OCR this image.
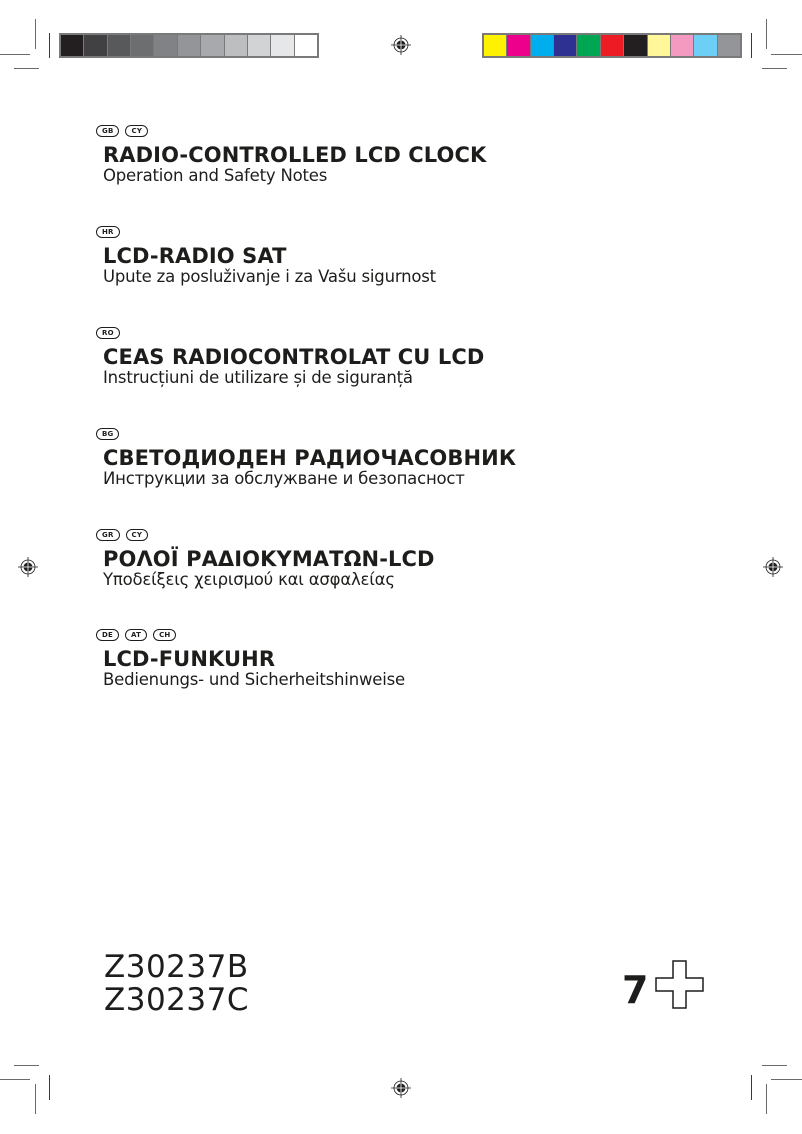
GB	CY
RADIO-CONTROLLED LCD CLOCK
Operation and Safety Notes
HR
LCD-RADIO SAT
Upute za posluživanje i za Vašu sigurnost
RO
CEAS RADIOCONTROLAT CU LCD
Instrucțiuni de utilizare și de siguranță
BG
СВЕТОДИОДЕН РАДИОЧАСОВНИК
Инструкции за обслужване и безопасност
GR	CY
ΡΟΛΟΪ ΡΑΔΙΟΚΥΜΑΤΩΝ-LCD
Υποδείξεις χειρισμού και ασφαλείας
DE	AT	CH
LCD-FUNKUHR
Bedienungs- und Sicherheitshinweise
Z30237B
Z30237C	7
